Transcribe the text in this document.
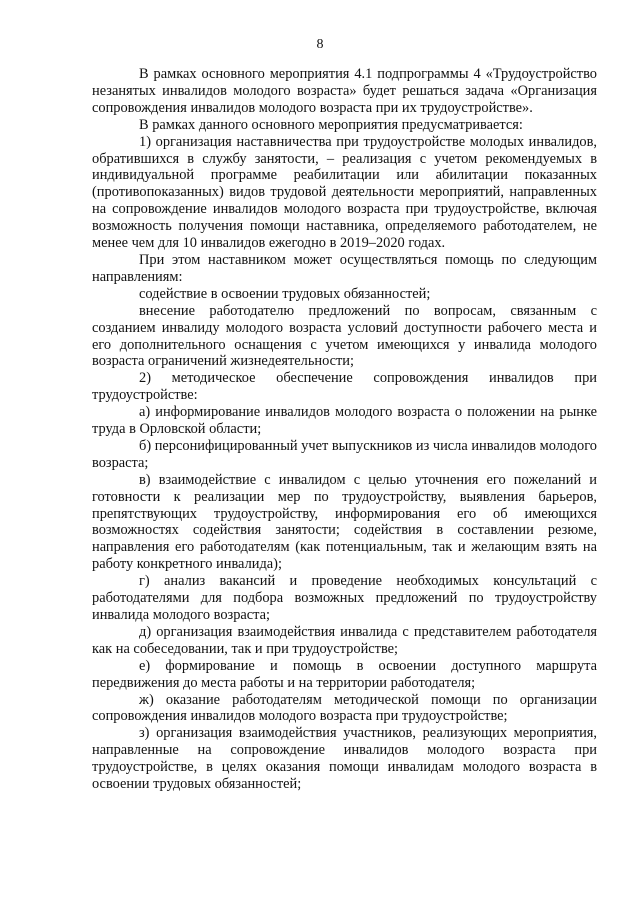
8

В рамках основного мероприятия 4.1 подпрограммы 4 «Трудоустройство незанятых инвалидов молодого возраста» будет решаться задача «Организация сопровождения инвалидов молодого возраста при их трудоустройстве».

В рамках данного основного мероприятия предусматривается:

1) организация наставничества при трудоустройстве молодых инвалидов, обратившихся в службу занятости, – реализация с учетом рекомендуемых в индивидуальной программе реабилитации или абилитации показанных (противопоказанных) видов трудовой деятельности мероприятий, направленных на сопровождение инвалидов молодого возраста при трудоустройстве, включая возможность получения помощи наставника, определяемого работодателем, не менее чем для 10 инвалидов ежегодно в 2019–2020 годах.

При этом наставником может осуществляться помощь по следующим направлениям:

содействие в освоении трудовых обязанностей;

внесение работодателю предложений по вопросам, связанным с созданием инвалиду молодого возраста условий доступности рабочего места и его дополнительного оснащения с учетом имеющихся у инвалида молодого возраста ограничений жизнедеятельности;

2) методическое обеспечение сопровождения инвалидов при трудоустройстве:

а) информирование инвалидов молодого возраста о положении на рынке труда в Орловской области;

б) персонифицированный учет выпускников из числа инвалидов молодого возраста;

в) взаимодействие с инвалидом с целью уточнения его пожеланий и готовности к реализации мер по трудоустройству, выявления барьеров, препятствующих трудоустройству, информирования его об имеющихся возможностях содействия занятости; содействия в составлении резюме, направления его работодателям (как потенциальным, так и желающим взять на работу конкретного инвалида);

г) анализ вакансий и проведение необходимых консультаций с работодателями для подбора возможных предложений по трудоустройству инвалида молодого возраста;

д) организация взаимодействия инвалида с представителем работодателя как на собеседовании, так и при трудоустройстве;

е) формирование и помощь в освоении доступного маршрута передвижения до места работы и на территории работодателя;

ж) оказание работодателям методической помощи по организации сопровождения инвалидов молодого возраста при трудоустройстве;

з) организация взаимодействия участников, реализующих мероприятия, направленные на сопровождение инвалидов молодого возраста при трудоустройстве, в целях оказания помощи инвалидам молодого возраста в освоении трудовых обязанностей;
